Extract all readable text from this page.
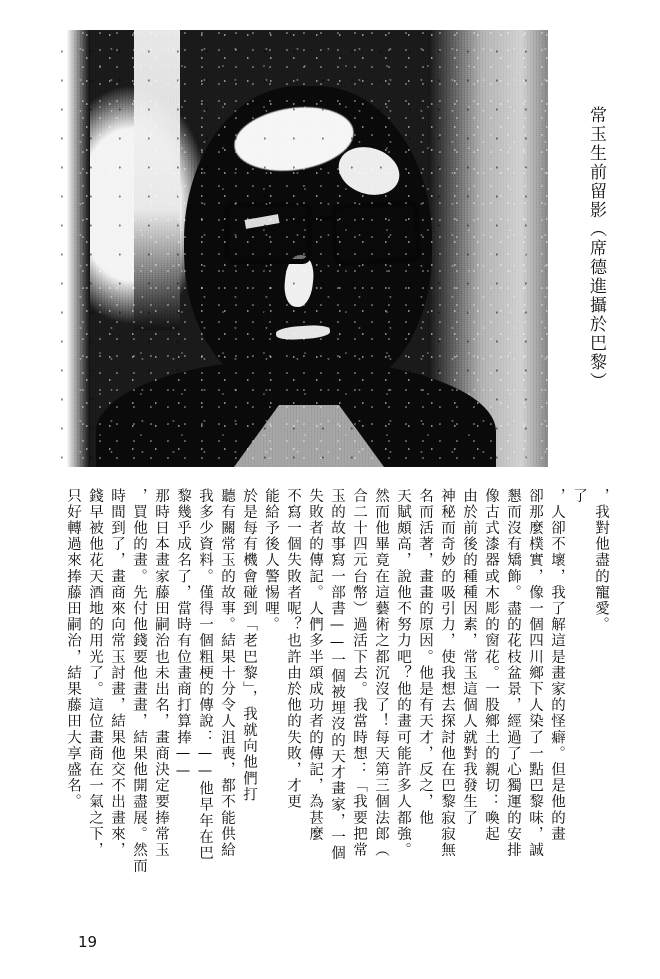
常玉生前留影（席德進攝於巴黎）
，我對他盡的寵愛。
了
，人卻不壞，我了解這是畫家的怪癖。但是他的畫
卻那麼樸實，像一個四川鄉下人染了一點巴黎味，誠
懇而沒有矯飾。盡的花枝盆景，經過了心獨運的安排
像古式漆器或木彫的窗花。一股鄉土的親切：喚起
由於前後的種種因素，常玉這個人就對我發生了
神秘而奇妙的吸引力，使我想去探討他在巴黎寂寂無
名而活著，畫畫的原因。他是有天才，反之，他
天賦頗高，說他不努力吧？他的畫可能許多人都強。
然而他畢竟在這藝術之都沉沒了！每天第三個法郎（
合二十四元台幣）過活下去。我當時想：「我要把常
玉的故事寫一部書——一個被埋沒的天才畫家，一個
失敗者的傳記。人們多半頌成功者的傳記，為甚麼
不寫一個失敗者呢？也許由於他的失敗，才更
能給予後人警惕哩。
於是每有機會碰到「老巴黎」，我就向他們打
聽有關常玉的故事。結果十分令人沮喪，都不能供給
我多少資料。僅得一個粗梗的傳說：——他早年在巴
黎幾乎成名了，當時有位畫商打算捧——
那時日本畫家藤田嗣治也未出名，畫商決定要捧常玉
，買他的畫。先付他錢要他畫畫，結果他開盡展。然而
時間到了，畫商來向常玉討畫，結果他交不出畫來，
錢早被他花天酒地的用光了。這位畫商在一氣之下，
只好轉過來捧藤田嗣治，結果藤田大享盛名。
19
